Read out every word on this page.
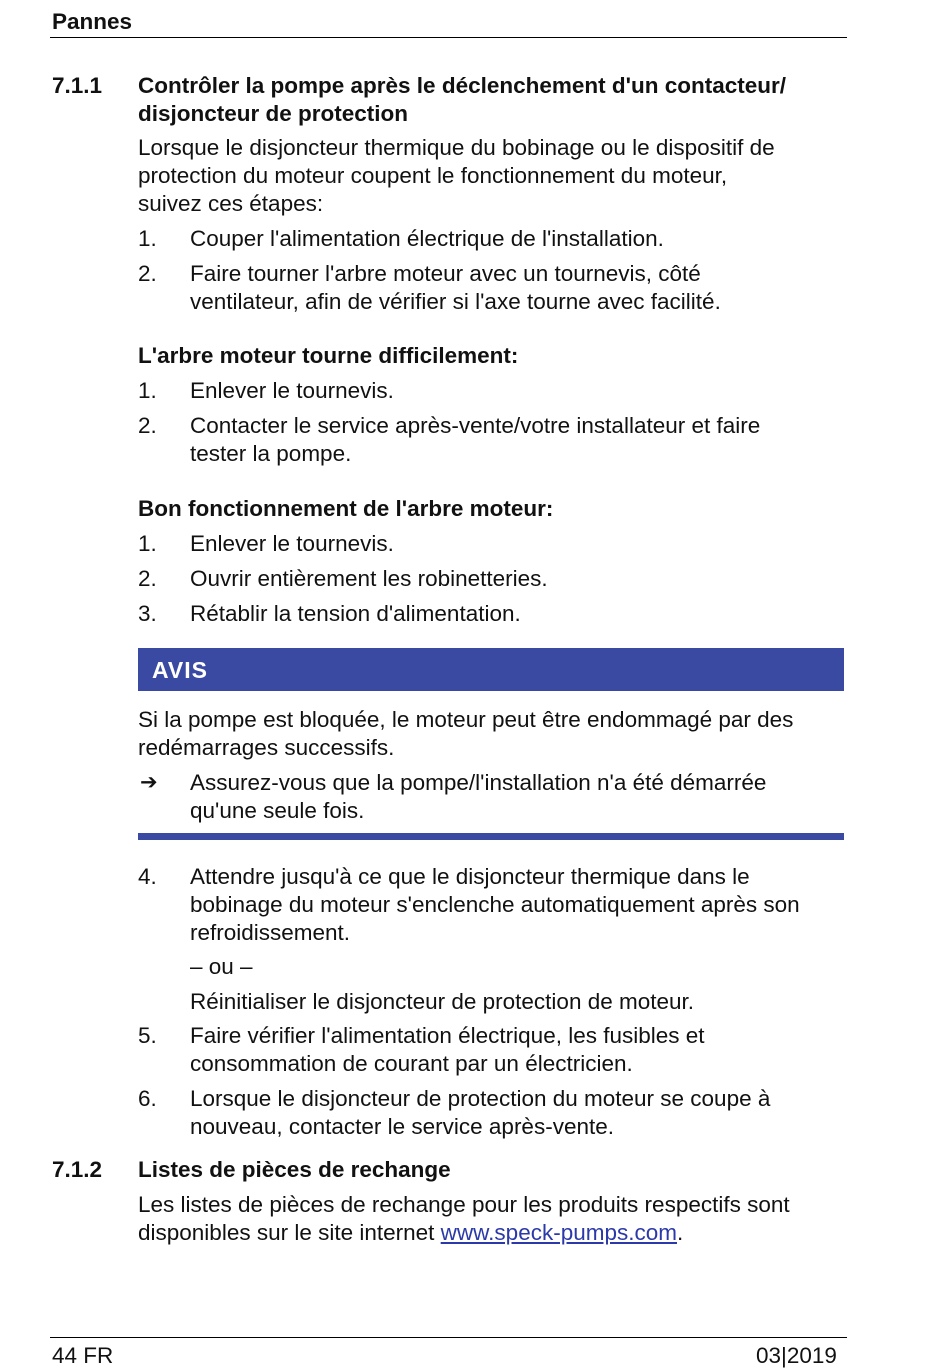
Pannes
7.1.1 Contrôler la pompe après le déclenchement d'un contacteur/
disjoncteur de protection
Lorsque le disjoncteur thermique du bobinage ou le dispositif de
protection du moteur coupent le fonctionnement du moteur,
suivez ces étapes:
1. Couper l'alimentation électrique de l'installation.
2. Faire tourner l'arbre moteur avec un tournevis, côté
ventilateur, afin de vérifier si l'axe tourne avec facilité.
L'arbre moteur tourne difficilement:
1. Enlever le tournevis.
2. Contacter le service après-vente/votre installateur et faire
tester la pompe.
Bon fonctionnement de l'arbre moteur:
1. Enlever le tournevis.
2. Ouvrir entièrement les robinetteries.
3. Rétablir la tension d'alimentation.
AVIS
Si la pompe est bloquée, le moteur peut être endommagé par des
redémarrages successifs.
➔ Assurez-vous que la pompe/l'installation n'a été démarrée
qu'une seule fois.
4. Attendre jusqu'à ce que le disjoncteur thermique dans le
bobinage du moteur s'enclenche automatiquement après son
refroidissement.
– ou –
Réinitialiser le disjoncteur de protection de moteur.
5. Faire vérifier l'alimentation électrique, les fusibles et
consommation de courant par un électricien.
6. Lorsque le disjoncteur de protection du moteur se coupe à
nouveau, contacter le service après-vente.
7.1.2 Listes de pièces de rechange
Les listes de pièces de rechange pour les produits respectifs sont
disponibles sur le site internet www.speck-pumps.com.
44 FR	03|2019
